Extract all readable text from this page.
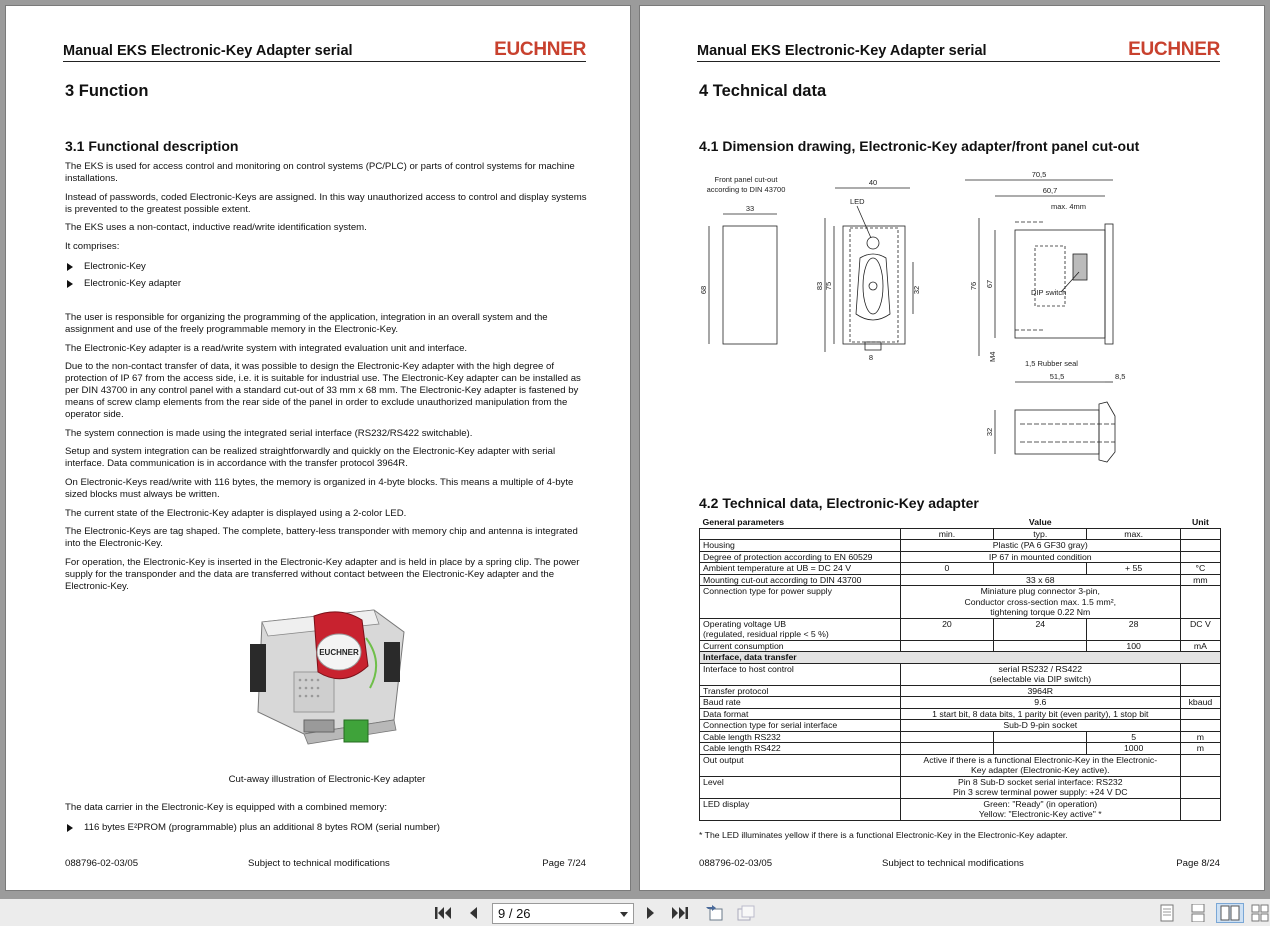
Manual EKS Electronic-Key Adapter serial	EUCHNER
3 Function
3.1 Functional description

The EKS is used for access control and monitoring on control systems (PC/PLC) or parts of control systems for machine installations.

Instead of passwords, coded Electronic-Keys are assigned. In this way unauthorized access to control and display systems is prevented to the greatest possible extent.

The EKS uses a non-contact, inductive read/write identification system.

It comprises:

Electronic-Key
Electronic-Key adapter

The user is responsible for organizing the programming of the application, integration in an overall system and the assignment and use of the freely programmable memory in the Electronic-Key.

The Electronic-Key adapter is a read/write system with integrated evaluation unit and interface.

Due to the non-contact transfer of data, it was possible to design the Electronic-Key adapter with the high degree of protection of IP 67 from the access side, i.e. it is suitable for industrial use. The Electronic-Key adapter can be installed as per DIN 43700 in any control panel with a standard cut-out of 33 mm x 68 mm. The Electronic-Key adapter is fastened by means of screw clamp elements from the rear side of the panel in order to exclude unauthorized manipulation from the operator side.

The system connection is made using the integrated serial interface (RS232/RS422 switchable).

Setup and system integration can be realized straightforwardly and quickly on the Electronic-Key adapter with serial interface. Data communication is in accordance with the transfer protocol 3964R.

On Electronic-Keys read/write with 116 bytes, the memory is organized in 4-byte blocks. This means a multiple of 4-byte sized blocks must always be written.

The current state of the Electronic-Key adapter is displayed using a 2-color LED.

The Electronic-Keys are tag shaped. The complete, battery-less transponder with memory chip and antenna is integrated into the Electronic-Key.

For operation, the Electronic-Key is inserted in the Electronic-Key adapter and is held in place by a spring clip. The power supply for the transponder and the data are transferred without contact between the Electronic-Key adapter and the Electronic-Key.

EUCHNER
Cut-away illustration of Electronic-Key adapter

The data carrier in the Electronic-Key is equipped with a combined memory:

116 bytes E²PROM (programmable) plus an additional 8 bytes ROM (serial number)
088796-02-03/05	Subject to technical modifications	Page 7/24
Manual EKS Electronic-Key Adapter serial	EUCHNER
4 Technical data
4.1 Dimension drawing, Electronic-Key adapter/front panel cut-out
Front panel cut-out
according to DIN 43700
33
68
40
LED
83 75	32
8
70,5
60,7
max. 4mm
76 67
DIP switch
M4
1,5 Rubber seal
51,5	8,5
32
4.2 Technical data, Electronic-Key adapter
General parameters	Value			Unit
	min.	typ.	max.	
Housing	Plastic (PA 6 GF30 gray)			
Degree of protection according to EN 60529	IP 67 in mounted condition			
Ambient temperature at UB = DC 24 V	0		+ 55	°C
Mounting cut-out according to DIN 43700	33 x 68			mm
Connection type for power supply	Miniature plug connector 3-pin,
Conductor cross-section max. 1.5 mm²,
tightening torque 0.22 Nm			
Operating voltage UB
(regulated, residual ripple < 5 %)	20	24	28	DC V
Current consumption			100	mA
Interface, data transfer				
Interface to host control	serial RS232 / RS422
(selectable via DIP switch)			
Transfer protocol	3964R			
Baud rate	9.6			kbaud
Data format	1 start bit, 8 data bits, 1 parity bit (even parity), 1 stop bit			
Connection type for serial interface	Sub-D 9-pin socket			
Cable length RS232			5	m
Cable length RS422			1000	m
Out output	Active if there is a functional Electronic-Key in the Electronic-
Key adapter (Electronic-Key active).			
Level	Pin 8 Sub-D socket serial interface: RS232
Pin 3 screw terminal power supply: +24 V DC			
LED display	Green: "Ready" (in operation)
Yellow: "Electronic-Key active" *			
* The LED illuminates yellow if there is a functional Electronic-Key in the Electronic-Key adapter.
088796-02-03/05	Subject to technical modifications	Page 8/24
9 / 26
